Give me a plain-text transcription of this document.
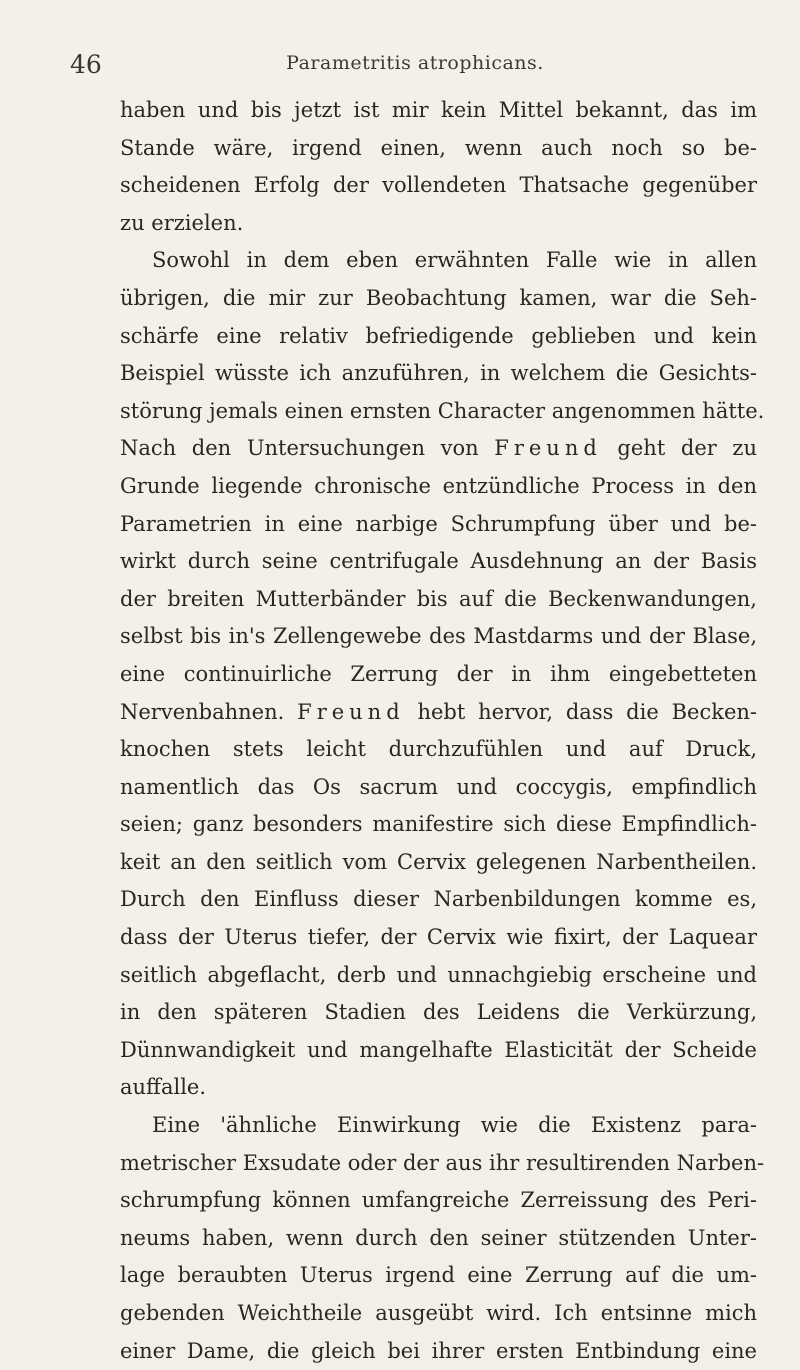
46	Parametritis atrophicans.
haben und bis jetzt ist mir kein Mittel bekannt, das im
Stande wäre, irgend einen, wenn auch noch so be-
scheidenen Erfolg der vollendeten Thatsache gegenüber
zu erzielen.
Sowohl in dem eben erwähnten Falle wie in allen
übrigen, die mir zur Beobachtung kamen, war die Seh-
schärfe eine relativ befriedigende geblieben und kein
Beispiel wüsste ich anzuführen, in welchem die Gesichts-
störung jemals einen ernsten Character angenommen hätte.
Nach den Untersuchungen von Freund geht der zu
Grunde liegende chronische entzündliche Process in den
Parametrien in eine narbige Schrumpfung über und be-
wirkt durch seine centrifugale Ausdehnung an der Basis
der breiten Mutterbänder bis auf die Beckenwandungen,
selbst bis in's Zellengewebe des Mastdarms und der Blase,
eine continuirliche Zerrung der in ihm eingebetteten
Nervenbahnen. Freund hebt hervor, dass die Becken-
knochen stets leicht durchzufühlen und auf Druck,
namentlich das Os sacrum und coccygis, empfindlich
seien; ganz besonders manifestire sich diese Empfindlich-
keit an den seitlich vom Cervix gelegenen Narbentheilen.
Durch den Einfluss dieser Narbenbildungen komme es,
dass der Uterus tiefer, der Cervix wie fixirt, der Laquear
seitlich abgeflacht, derb und unnachgiebig erscheine und
in den späteren Stadien des Leidens die Verkürzung,
Dünnwandigkeit und mangelhafte Elasticität der Scheide
auffalle.
Eine 'ähnliche Einwirkung wie die Existenz para-
metrischer Exsudate oder der aus ihr resultirenden Narben-
schrumpfung können umfangreiche Zerreissung des Peri-
neums haben, wenn durch den seiner stützenden Unter-
lage beraubten Uterus irgend eine Zerrung auf die um-
gebenden Weichtheile ausgeübt wird. Ich entsinne mich
einer Dame, die gleich bei ihrer ersten Entbindung eine
